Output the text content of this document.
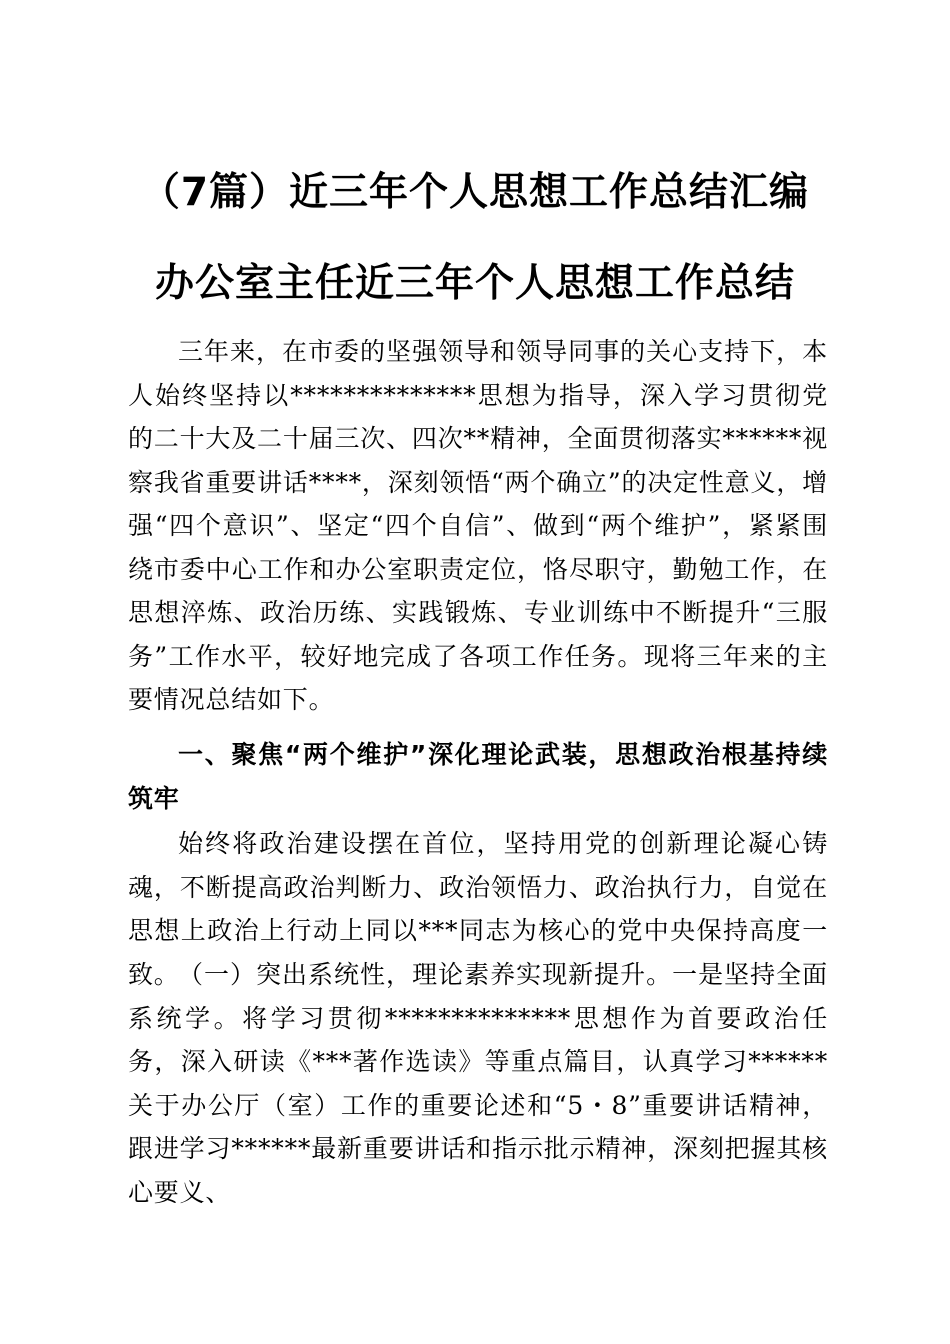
（7篇）近三年个人思想工作总结汇编
办公室主任近三年个人思想工作总结

三年来，在市委的坚强领导和领导同事的关心支持下，本人始终坚持以**************思想为指导，深入学习贯彻党的二十大及二十届三次、四次**精神，全面贯彻落实******视察我省重要讲话****，深刻领悟“两个确立”的决定性意义，增强“四个意识”、坚定“四个自信”、做到“两个维护”，紧紧围绕市委中心工作和办公室职责定位，恪尽职守，勤勉工作，在思想淬炼、政治历练、实践锻炼、专业训练中不断提升“三服务”工作水平，较好地完成了各项工作任务。现将三年来的主要情况总结如下。

一、聚焦“两个维护”深化理论武装，思想政治根基持续筑牢

始终将政治建设摆在首位，坚持用党的创新理论凝心铸魂，不断提高政治判断力、政治领悟力、政治执行力，自觉在思想上政治上行动上同以***同志为核心的党中央保持高度一致。

（一）突出系统性，理论素养实现新提升。一是坚持全面系统学。将学习贯彻**************思想作为首要政治任务，深入研读《***著作选读》等重点篇目，认真学习******关于办公厅（室）工作的重要论述和“5・8”重要讲话精神，跟进学习******最新重要讲话和指示批示精神，深刻把握其核心要义、
